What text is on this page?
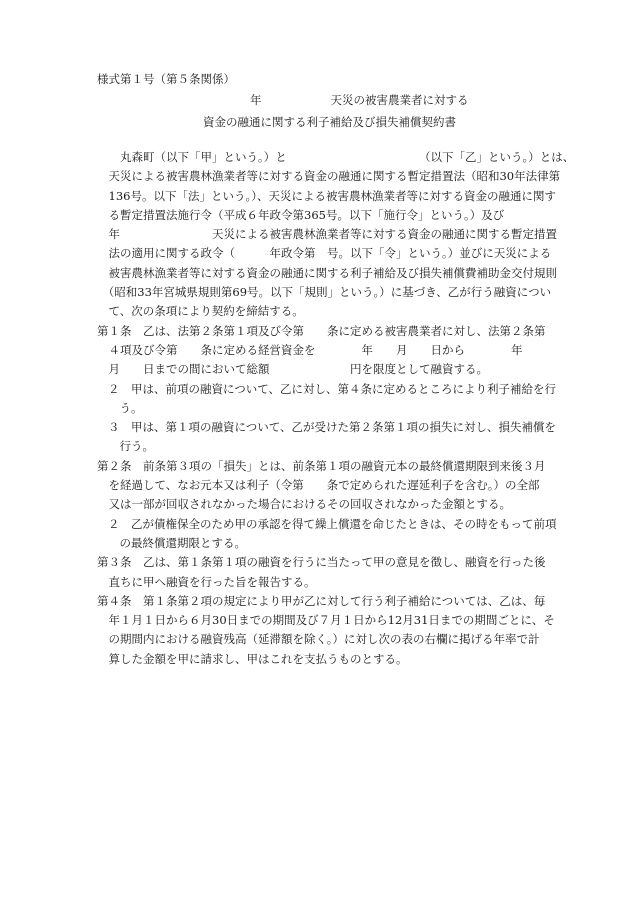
様式第１号（第５条関係）
年　　　　　　天災の被害農業者に対する
資金の融通に関する利子補給及び損失補償契約書
　　丸森町（以下「甲」という。）と　　　　　　　　　　　　（以下「乙」という。）とは、
　天災による被害農林漁業者等に対する資金の融通に関する暫定措置法（昭和30年法律第
　136号。以下「法」という。）、天災による被害農林漁業者等に対する資金の融通に関す
　る暫定措置法施行令（平成６年政令第365号。以下「施行令」という。）及び
　年　　　　　　　　天災による被害農林漁業者等に対する資金の融通に関する暫定措置
　法の適用に関する政令（　　　年政令第　号。以下「令」という。）並びに天災による
　被害農林漁業者等に対する資金の融通に関する利子補給及び損失補償費補助金交付規則
　（昭和33年宮城県規則第69号。以下「規則」という。）に基づき、乙が行う融資につい
　て、次の条項により契約を締結する。
第１条　乙は、法第２条第１項及び令第　　条に定める被害農業者に対し、法第２条第
　４項及び令第　　条に定める経営資金を　　　　年　　月　　日から　　　　年
　月　　日までの間において総額　　　　　　　円を限度として融資する。
２　甲は、前項の融資について、乙に対し、第４条に定めるところにより利子補給を行
　う。
３　甲は、第１項の融資について、乙が受けた第２条第１項の損失に対し、損失補償を
　行う。
第２条　前条第３項の「損失」とは、前条第１項の融資元本の最終償還期限到来後３月
　を経過して、なお元本又は利子（令第　　条で定められた遅延利子を含む。）の全部
　又は一部が回収されなかった場合におけるその回収されなかった金額とする。
２　乙が債権保全のため甲の承認を得て繰上償還を命じたときは、その時をもって前項
　の最終償還期限とする。
第３条　乙は、第１条第１項の融資を行うに当たって甲の意見を徴し、融資を行った後
　直ちに甲へ融資を行った旨を報告する。
第４条　第１条第２項の規定により甲が乙に対して行う利子補給については、乙は、毎
　年１月１日から６月30日までの期間及び７月１日から12月31日までの期間ごとに、そ
　の期間内における融資残高（延滞額を除く。）に対し次の表の右欄に掲げる年率で計
　算した金額を甲に請求し、甲はこれを支払うものとする。
